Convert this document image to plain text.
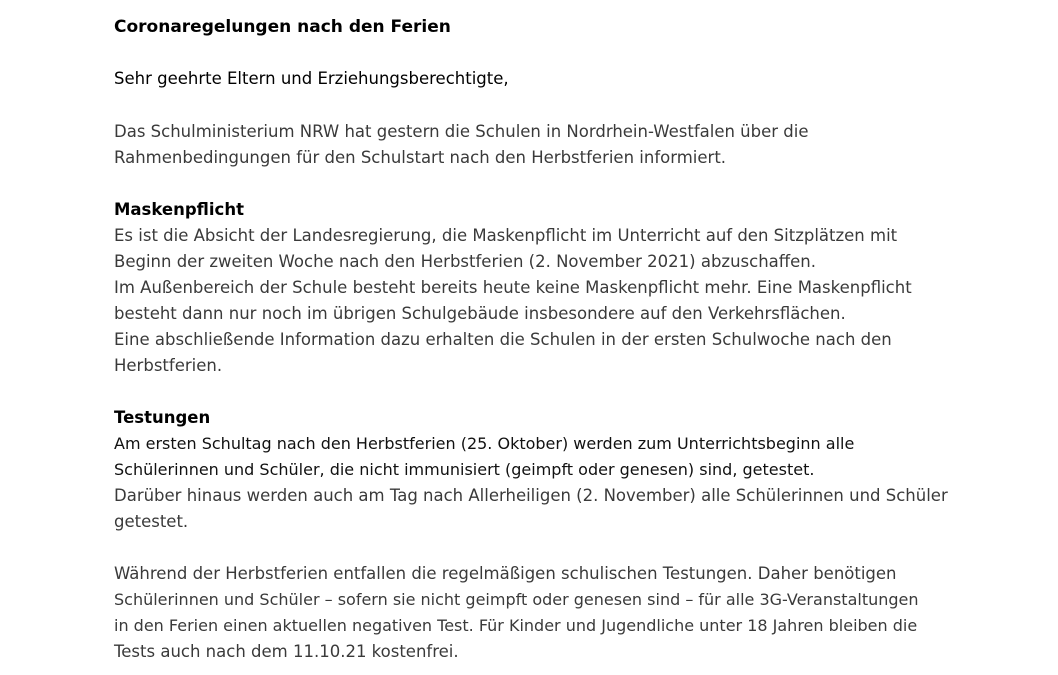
Coronaregelungen nach den Ferien
Sehr geehrte Eltern und Erziehungsberechtigte,
Das Schulministerium NRW hat gestern die Schulen in Nordrhein-Westfalen über die
Rahmenbedingungen für den Schulstart nach den Herbstferien informiert.
Maskenpflicht
Es ist die Absicht der Landesregierung, die Maskenpflicht im Unterricht auf den Sitzplätzen mit
Beginn der zweiten Woche nach den Herbstferien (2. November 2021) abzuschaffen.
Im Außenbereich der Schule besteht bereits heute keine Maskenpflicht mehr. Eine Maskenpflicht
besteht dann nur noch im übrigen Schulgebäude insbesondere auf den Verkehrsflächen.
Eine abschließende Information dazu erhalten die Schulen in der ersten Schulwoche nach den
Herbstferien.
Testungen
Am ersten Schultag nach den Herbstferien (25. Oktober) werden zum Unterrichtsbeginn alle
Schülerinnen und Schüler, die nicht immunisiert (geimpft oder genesen) sind, getestet.
Darüber hinaus werden auch am Tag nach Allerheiligen (2. November) alle Schülerinnen und Schüler
getestet.
Während der Herbstferien entfallen die regelmäßigen schulischen Testungen. Daher benötigen
Schülerinnen und Schüler – sofern sie nicht geimpft oder genesen sind – für alle 3G-Veranstaltungen
in den Ferien einen aktuellen negativen Test. Für Kinder und Jugendliche unter 18 Jahren bleiben die
Tests auch nach dem 11.10.21 kostenfrei.
